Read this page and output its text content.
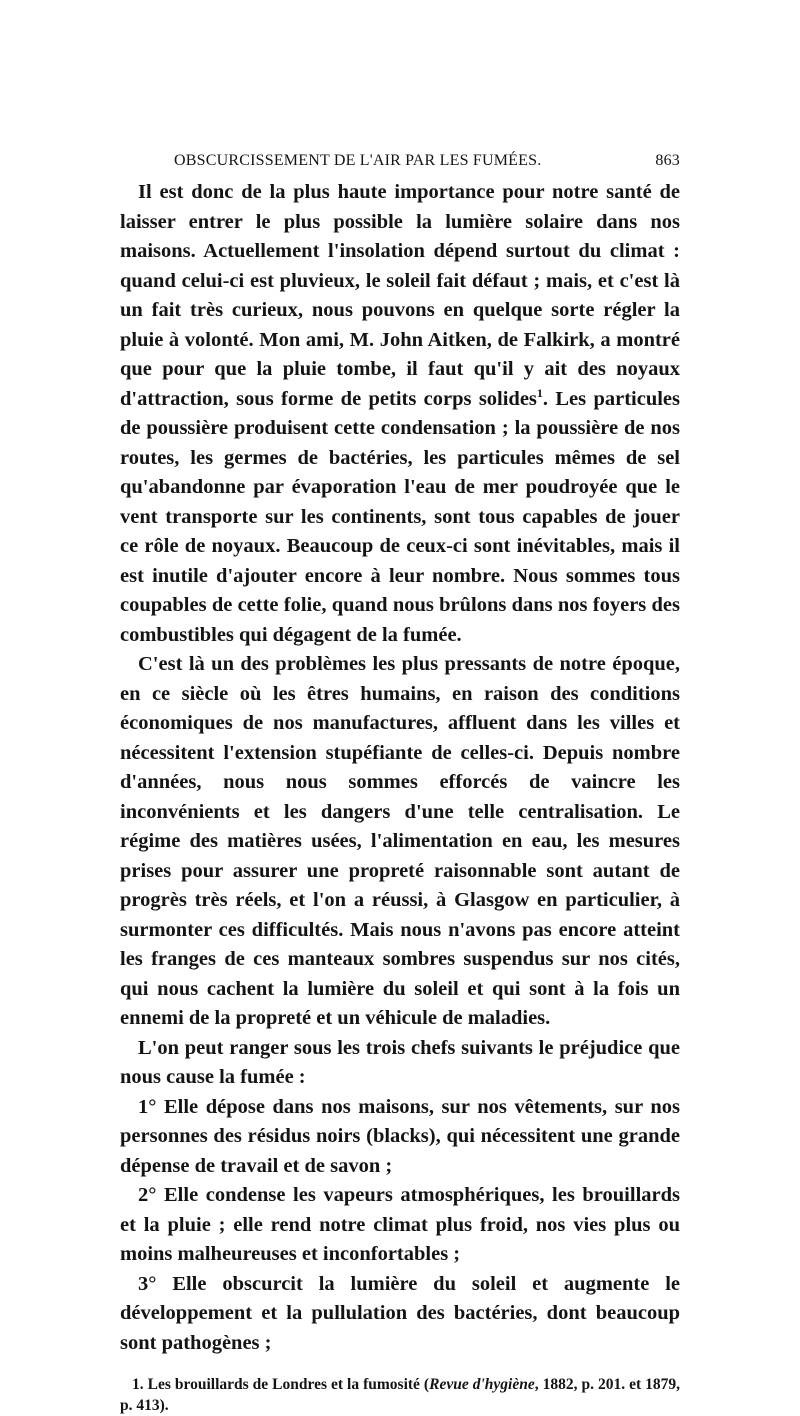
OBSCURCISSEMENT DE L'AIR PAR LES FUMÉES.	863

Il est donc de la plus haute importance pour notre santé de laisser entrer le plus possible la lumière solaire dans nos maisons. Actuellement l'insolation dépend surtout du climat : quand celui-ci est pluvieux, le soleil fait défaut ; mais, et c'est là un fait très curieux, nous pouvons en quelque sorte régler la pluie à volonté. Mon ami, M. John Aitken, de Falkirk, a montré que pour que la pluie tombe, il faut qu'il y ait des noyaux d'attraction, sous forme de petits corps solides$^1$. Les particules de poussière produisent cette condensation ; la poussière de nos routes, les germes de bactéries, les particules mêmes de sel qu'abandonne par évaporation l'eau de mer poudroyée que le vent transporte sur les continents, sont tous capables de jouer ce rôle de noyaux. Beaucoup de ceux-ci sont inévitables, mais il est inutile d'ajouter encore à leur nombre. Nous sommes tous coupables de cette folie, quand nous brûlons dans nos foyers des combustibles qui dégagent de la fumée.

C'est là un des problèmes les plus pressants de notre époque, en ce siècle où les êtres humains, en raison des conditions économiques de nos manufactures, affluent dans les villes et nécessitent l'extension stupéfiante de celles-ci. Depuis nombre d'années, nous nous sommes efforcés de vaincre les inconvénients et les dangers d'une telle centralisation. Le régime des matières usées, l'alimentation en eau, les mesures prises pour assurer une propreté raisonnable sont autant de progrès très réels, et l'on a réussi, à Glasgow en particulier, à surmonter ces difficultés. Mais nous n'avons pas encore atteint les franges de ces manteaux sombres suspendus sur nos cités, qui nous cachent la lumière du soleil et qui sont à la fois un ennemi de la propreté et un véhicule de maladies.

L'on peut ranger sous les trois chefs suivants le préjudice que nous cause la fumée :

1° Elle dépose dans nos maisons, sur nos vêtements, sur nos personnes des résidus noirs (blacks), qui nécessitent une grande dépense de travail et de savon ;

2° Elle condense les vapeurs atmosphériques, les brouillards et la pluie ; elle rend notre climat plus froid, nos vies plus ou moins malheureuses et inconfortables ;

3° Elle obscurcit la lumière du soleil et augmente le développement et la pullulation des bactéries, dont beaucoup sont pathogènes ;

1. Les brouillards de Londres et la fumosité (Revue d'hygiène, 1882, p. 201. et 1879, p. 413).
